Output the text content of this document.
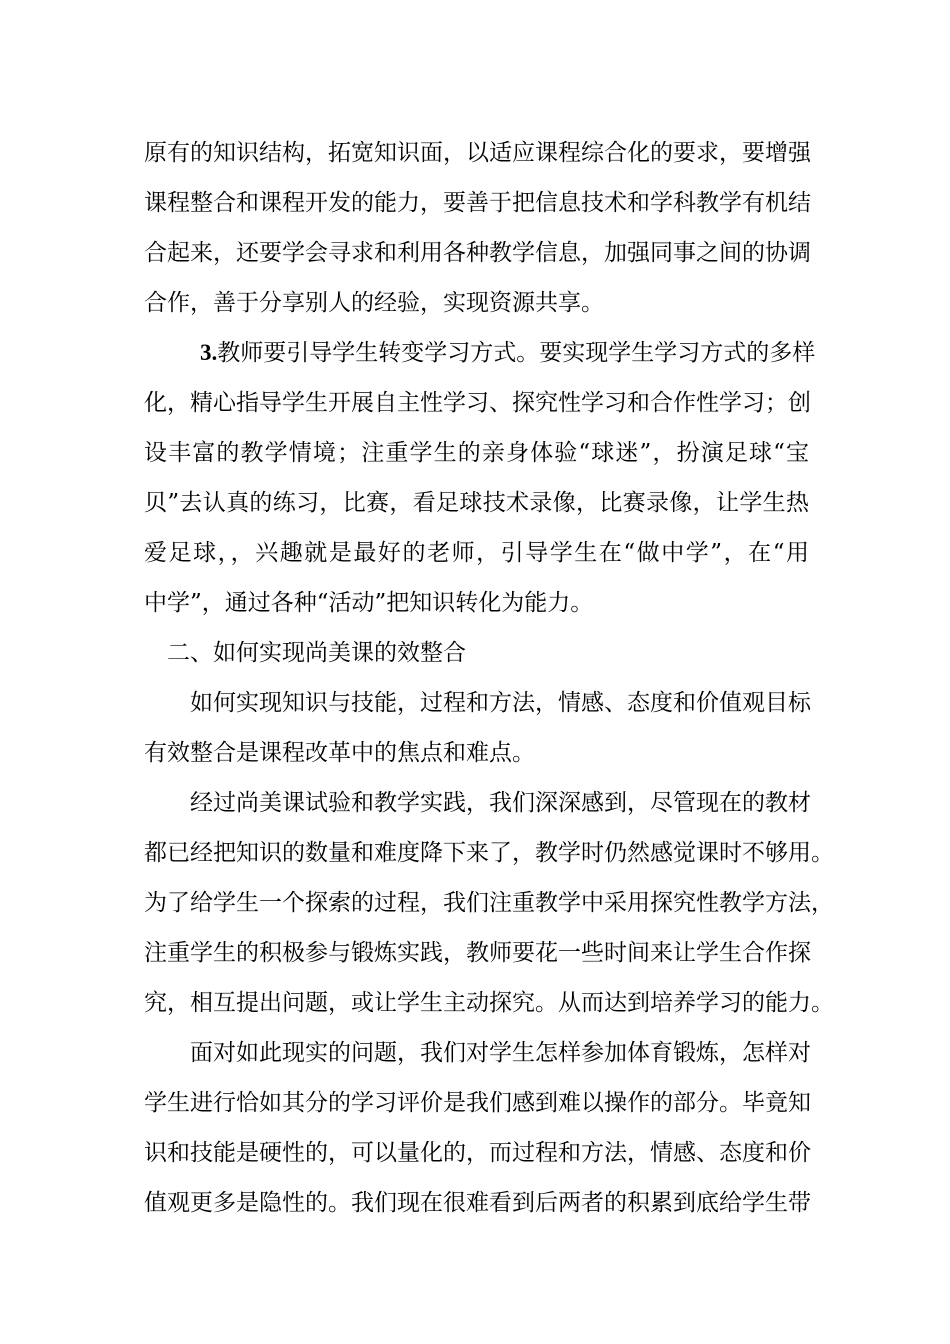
原有的知识结构，拓宽知识面，以适应课程综合化的要求，要增强
课程整合和课程开发的能力，要善于把信息技术和学科教学有机结
合起来，还要学会寻求和利用各种教学信息，加强同事之间的协调
合作，善于分享别人的经验，实现资源共享。
3.教师要引导学生转变学习方式。要实现学生学习方式的多样
化，精心指导学生开展自主性学习、探究性学习和合作性学习；创
设丰富的教学情境；注重学生的亲身体验“球迷”，扮演足球“宝
贝”去认真的练习，比赛，看足球技术录像，比赛录像，让学生热
爱足球，，兴趣就是最好的老师，引导学生在“做中学”，在“用
中学”，通过各种“活动”把知识转化为能力。
二、如何实现尚美课的效整合
如何实现知识与技能，过程和方法，情感、态度和价值观目标
有效整合是课程改革中的焦点和难点。
经过尚美课试验和教学实践，我们深深感到，尽管现在的教材
都已经把知识的数量和难度降下来了，教学时仍然感觉课时不够用。
为了给学生一个探索的过程，我们注重教学中采用探究性教学方法，
注重学生的积极参与锻炼实践，教师要花一些时间来让学生合作探
究，相互提出问题，或让学生主动探究。从而达到培养学习的能力。
面对如此现实的问题，我们对学生怎样参加体育锻炼，怎样对
学生进行恰如其分的学习评价是我们感到难以操作的部分。毕竟知
识和技能是硬性的，可以量化的，而过程和方法，情感、态度和价
值观更多是隐性的。我们现在很难看到后两者的积累到底给学生带
